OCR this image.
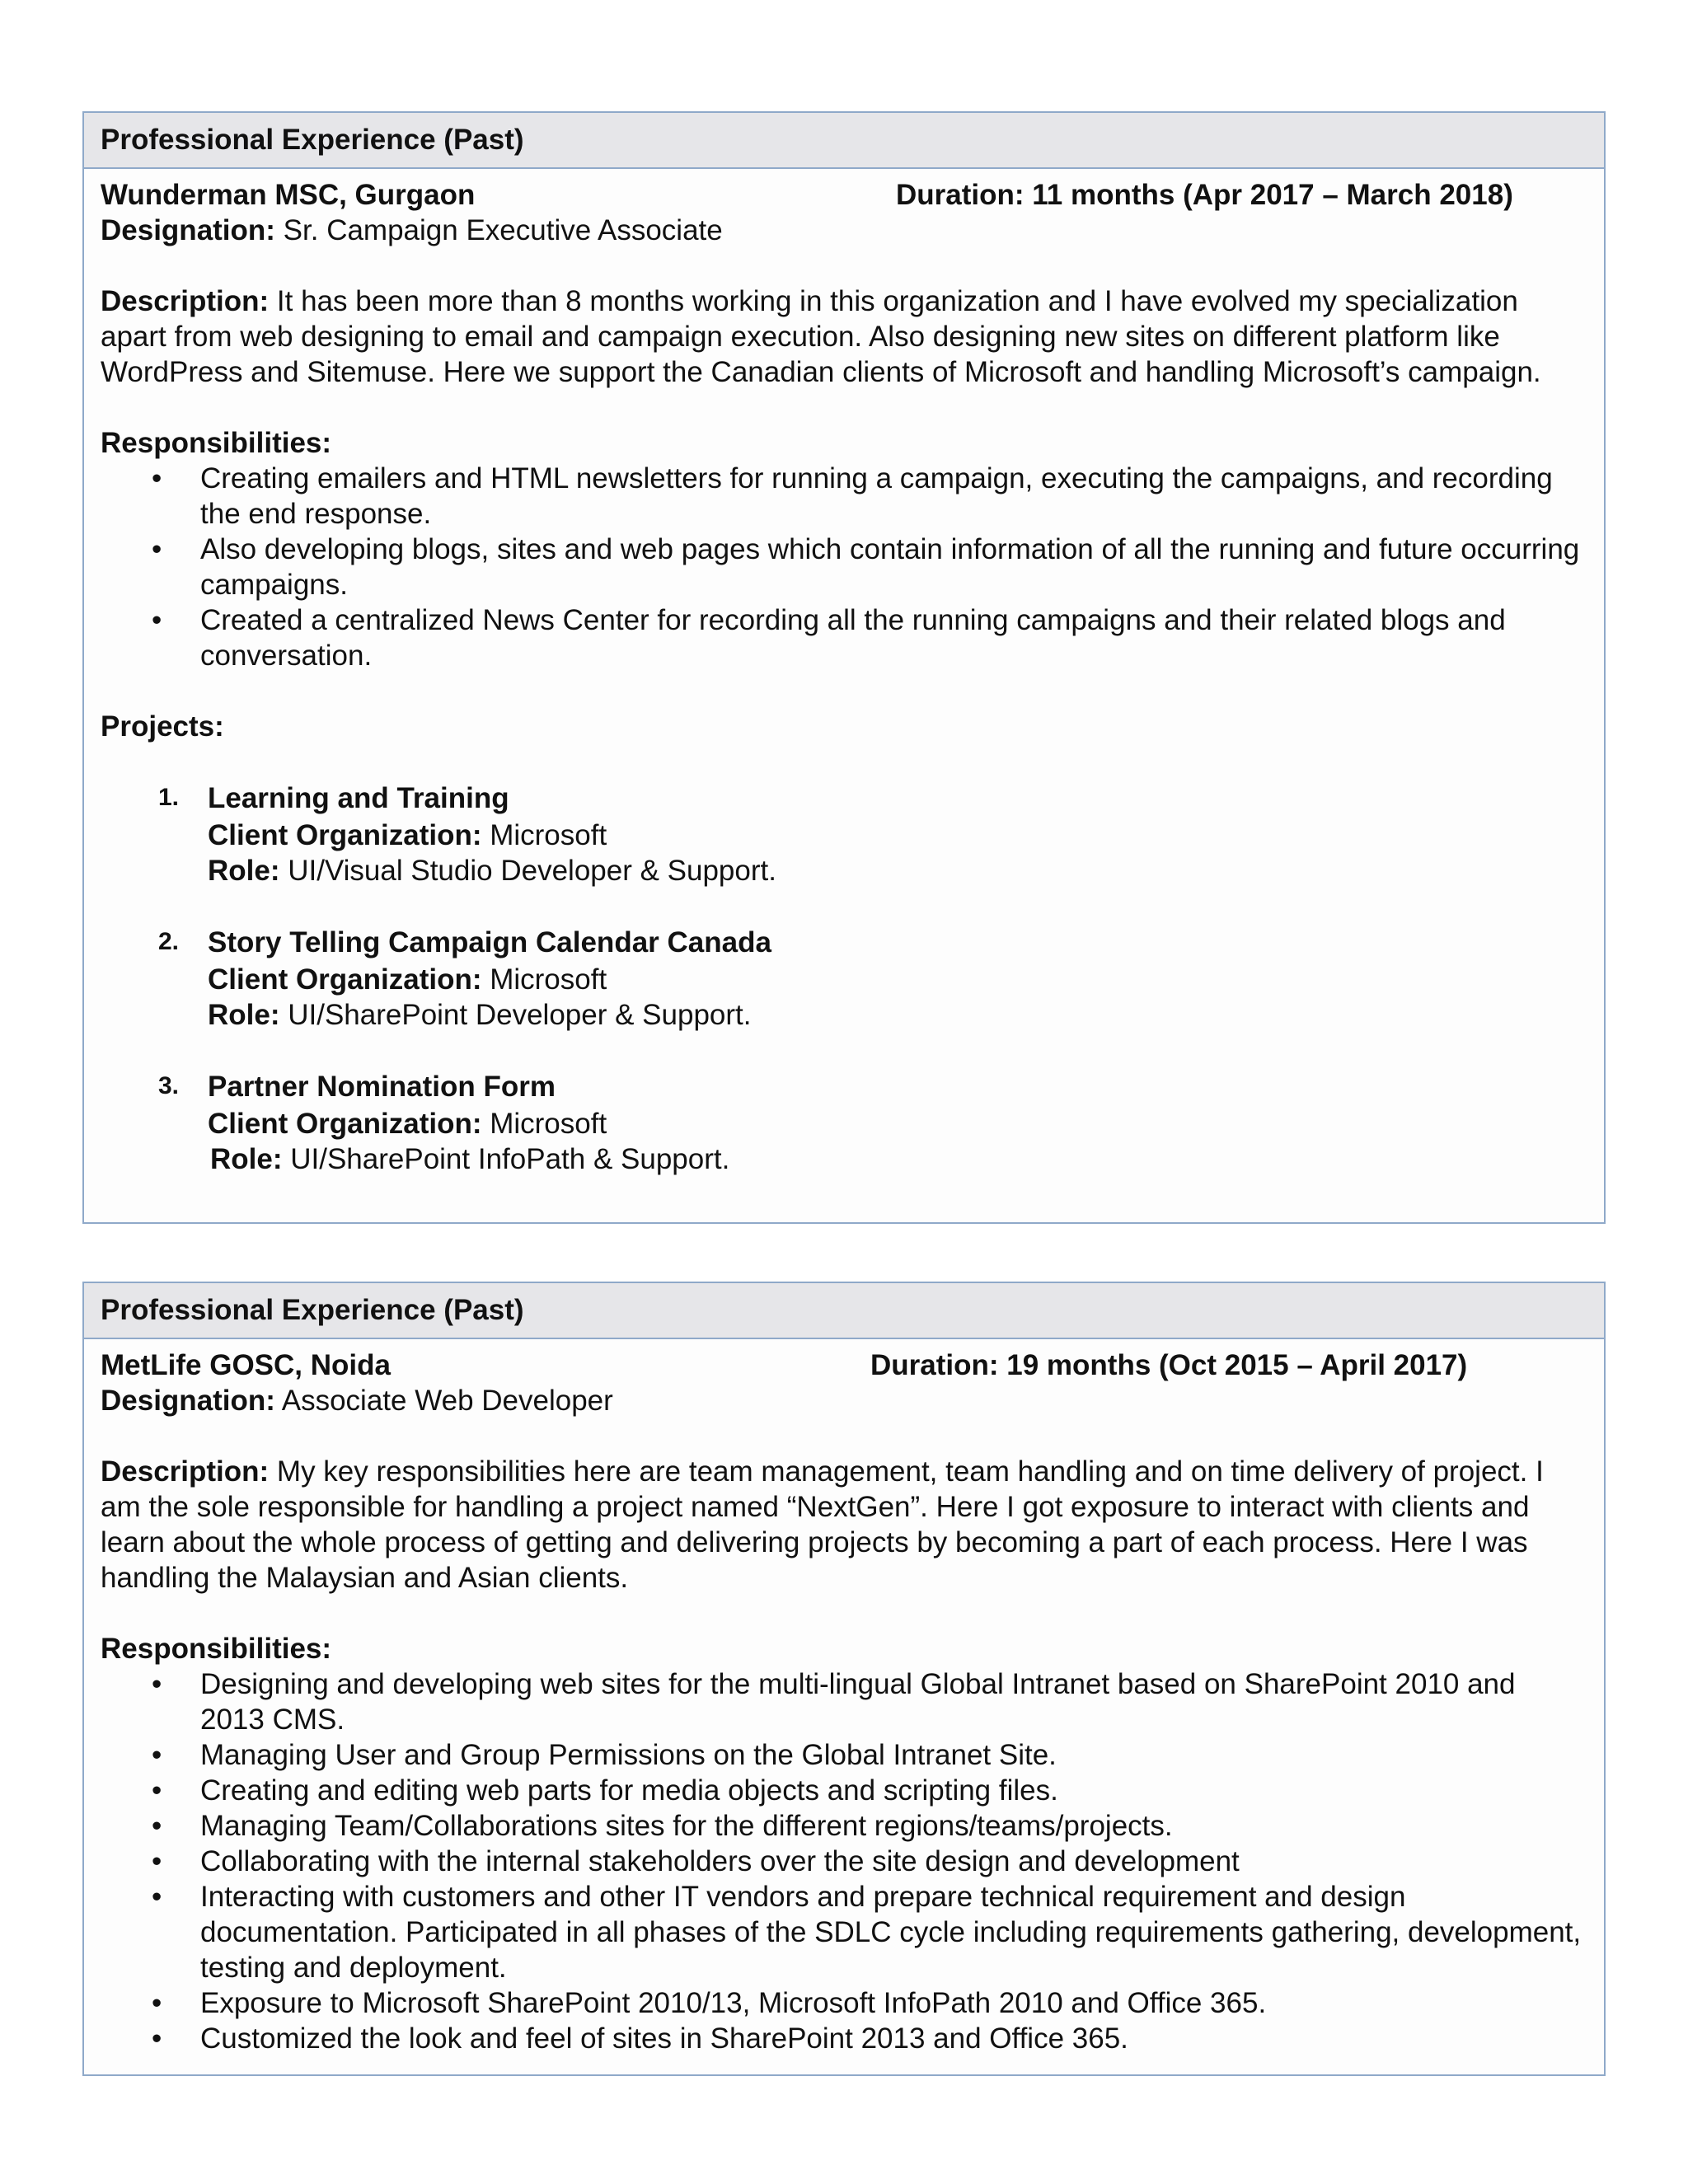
Professional Experience (Past)
Wunderman MSC, Gurgaon	Duration: 11 months (Apr 2017 – March 2018)

Designation: Sr. Campaign Executive Associate

Description: It has been more than 8 months working in this organization and I have evolved my specialization apart from web designing to email and campaign execution. Also designing new sites on different platform like WordPress and Sitemuse. Here we support the Canadian clients of Microsoft and handling Microsoft’s campaign.

Responsibilities:

• Creating emailers and HTML newsletters for running a campaign, executing the campaigns, and recording the end response.
• Also developing blogs, sites and web pages which contain information of all the running and future occurring campaigns.
• Created a centralized News Center for recording all the running campaigns and their related blogs and conversation.

Projects:

1. Learning and Training
Client Organization: Microsoft
Role: UI/Visual Studio Developer & Support.
2. Story Telling Campaign Calendar Canada
Client Organization: Microsoft
Role: UI/SharePoint Developer & Support.
3. Partner Nomination Form
Client Organization: Microsoft
Role: UI/SharePoint InfoPath & Support.
Professional Experience (Past)
MetLife GOSC, Noida	Duration: 19 months (Oct 2015 – April 2017)

Designation: Associate Web Developer

Description: My key responsibilities here are team management, team handling and on time delivery of project. I am the sole responsible for handling a project named “NextGen”. Here I got exposure to interact with clients and learn about the whole process of getting and delivering projects by becoming a part of each process. Here I was handling the Malaysian and Asian clients.

Responsibilities:

• Designing and developing web sites for the multi-lingual Global Intranet based on SharePoint 2010 and 2013 CMS.
• Managing User and Group Permissions on the Global Intranet Site.
• Creating and editing web parts for media objects and scripting files.
• Managing Team/Collaborations sites for the different regions/teams/projects.
• Collaborating with the internal stakeholders over the site design and development
• Interacting with customers and other IT vendors and prepare technical requirement and design documentation. Participated in all phases of the SDLC cycle including requirements gathering, development, testing and deployment.
• Exposure to Microsoft SharePoint 2010/13, Microsoft InfoPath 2010 and Office 365.
• Customized the look and feel of sites in SharePoint 2013 and Office 365.
